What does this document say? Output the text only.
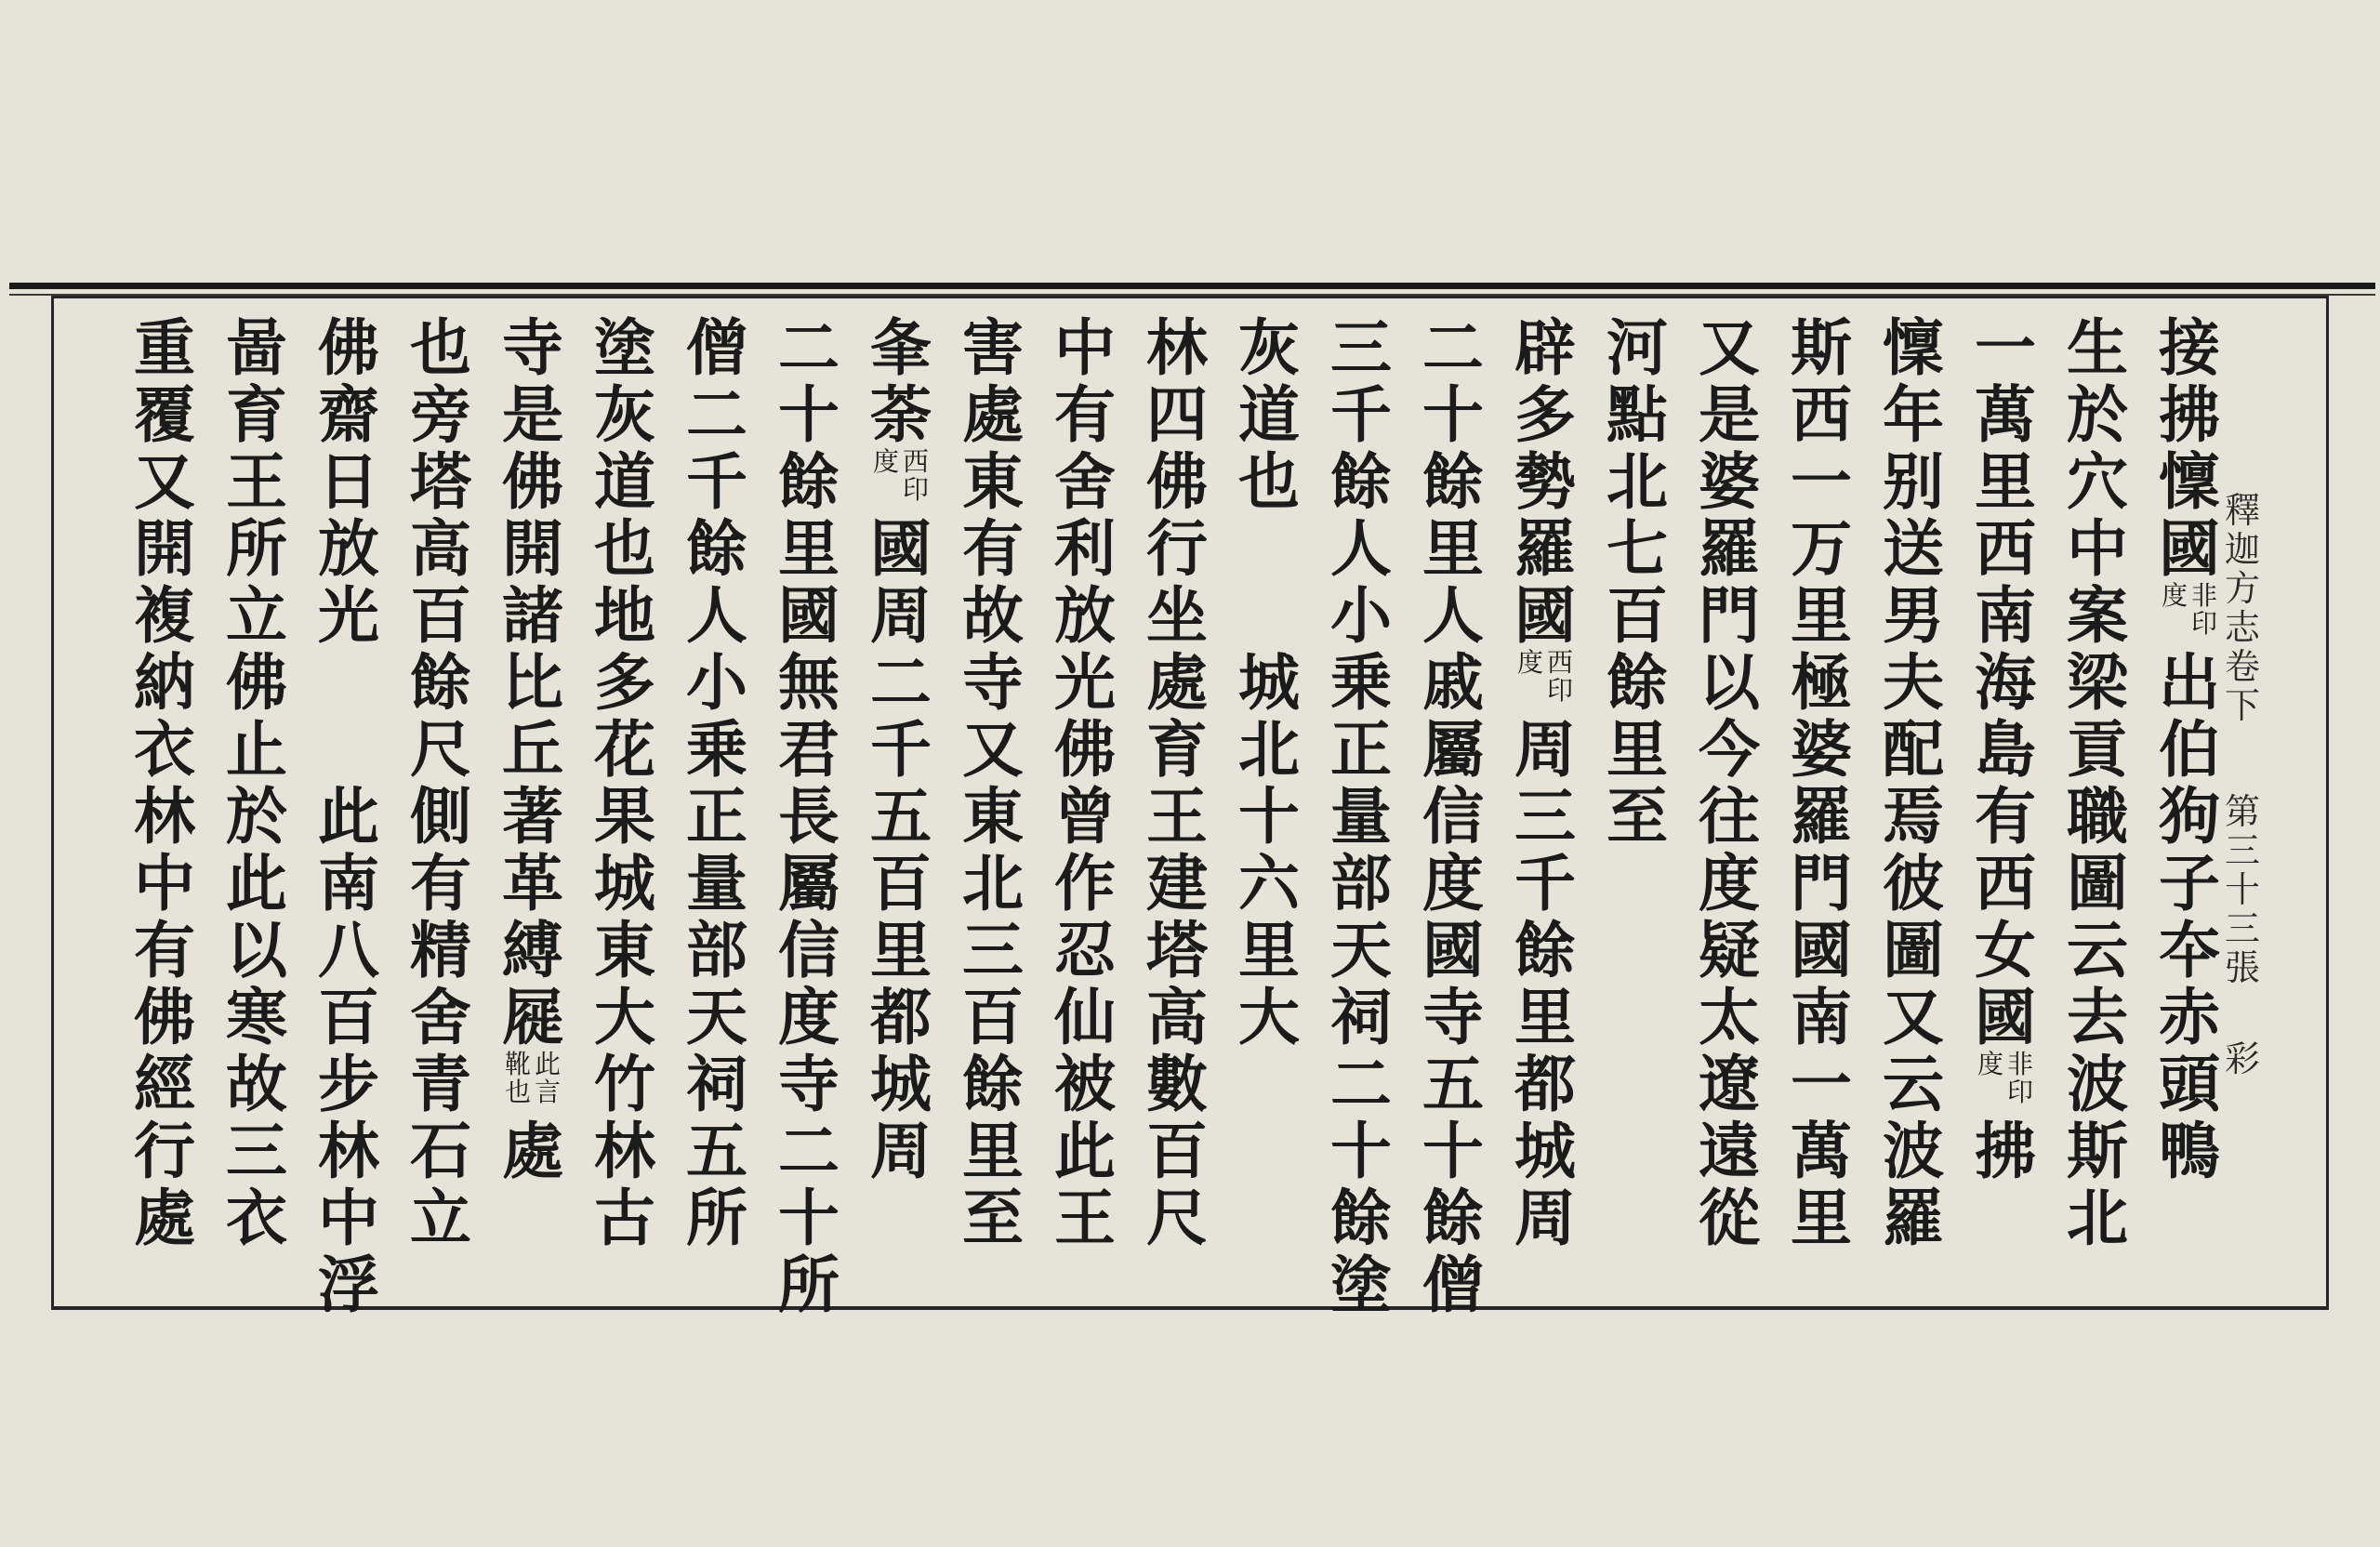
釋
迦
方
志
卷
下
第
三
十
三
張
彩
接
拂
懍
國
非
印
度
出
伯
狗
子
夲
赤
頭
鴨
生
於
穴
中
案
梁
貢
職
圖
云
去
波
斯
北
一
萬
里
西
南
海
島
有
西
女
國
非
印
度
拂
懍
年
别
送
男
夫
配
焉
彼
圖
又
云
波
羅
斯
西
一
万
里
極
婆
羅
門
國
南
一
萬
里
又
是
婆
羅
門
以
今
往
度
疑
太
遼
遠
從
河
點
北
七
百
餘
里
至
辟
多
勢
羅
國
西
印
度
周
三
千
餘
里
都
城
周
二
十
餘
里
人
戚
屬
信
度
國
寺
五
十
餘
僧
三
千
餘
人
小
乗
正
量
部
天
祠
二
十
餘
塗
灰
道
也
城
北
十
六
里
大
林
四
佛
行
坐
處
育
王
建
塔
高
數
百
尺
中
有
舍
利
放
光
佛
曾
作
忍
仙
被
此
王
害
處
東
有
故
寺
又
東
北
三
百
餘
里
至
夆
荼
西
印
度
國
周
二
千
五
百
里
都
城
周
二
十
餘
里
國
無
君
長
屬
信
度
寺
二
十
所
僧
二
千
餘
人
小
乗
正
量
部
天
祠
五
所
塗
灰
道
也
地
多
花
果
城
東
大
竹
林
古
寺
是
佛
開
諸
比
丘
著
革
縛
屣
此
言
靴
也
處
也
旁
塔
高
百
餘
尺
側
有
精
舍
青
石
立
佛
齋
日
放
光
此
南
八
百
步
林
中
浮
啚
育
王
所
立
佛
止
於
此
以
寒
故
三
衣
重
覆
又
開
複
納
衣
林
中
有
佛
經
行
處
